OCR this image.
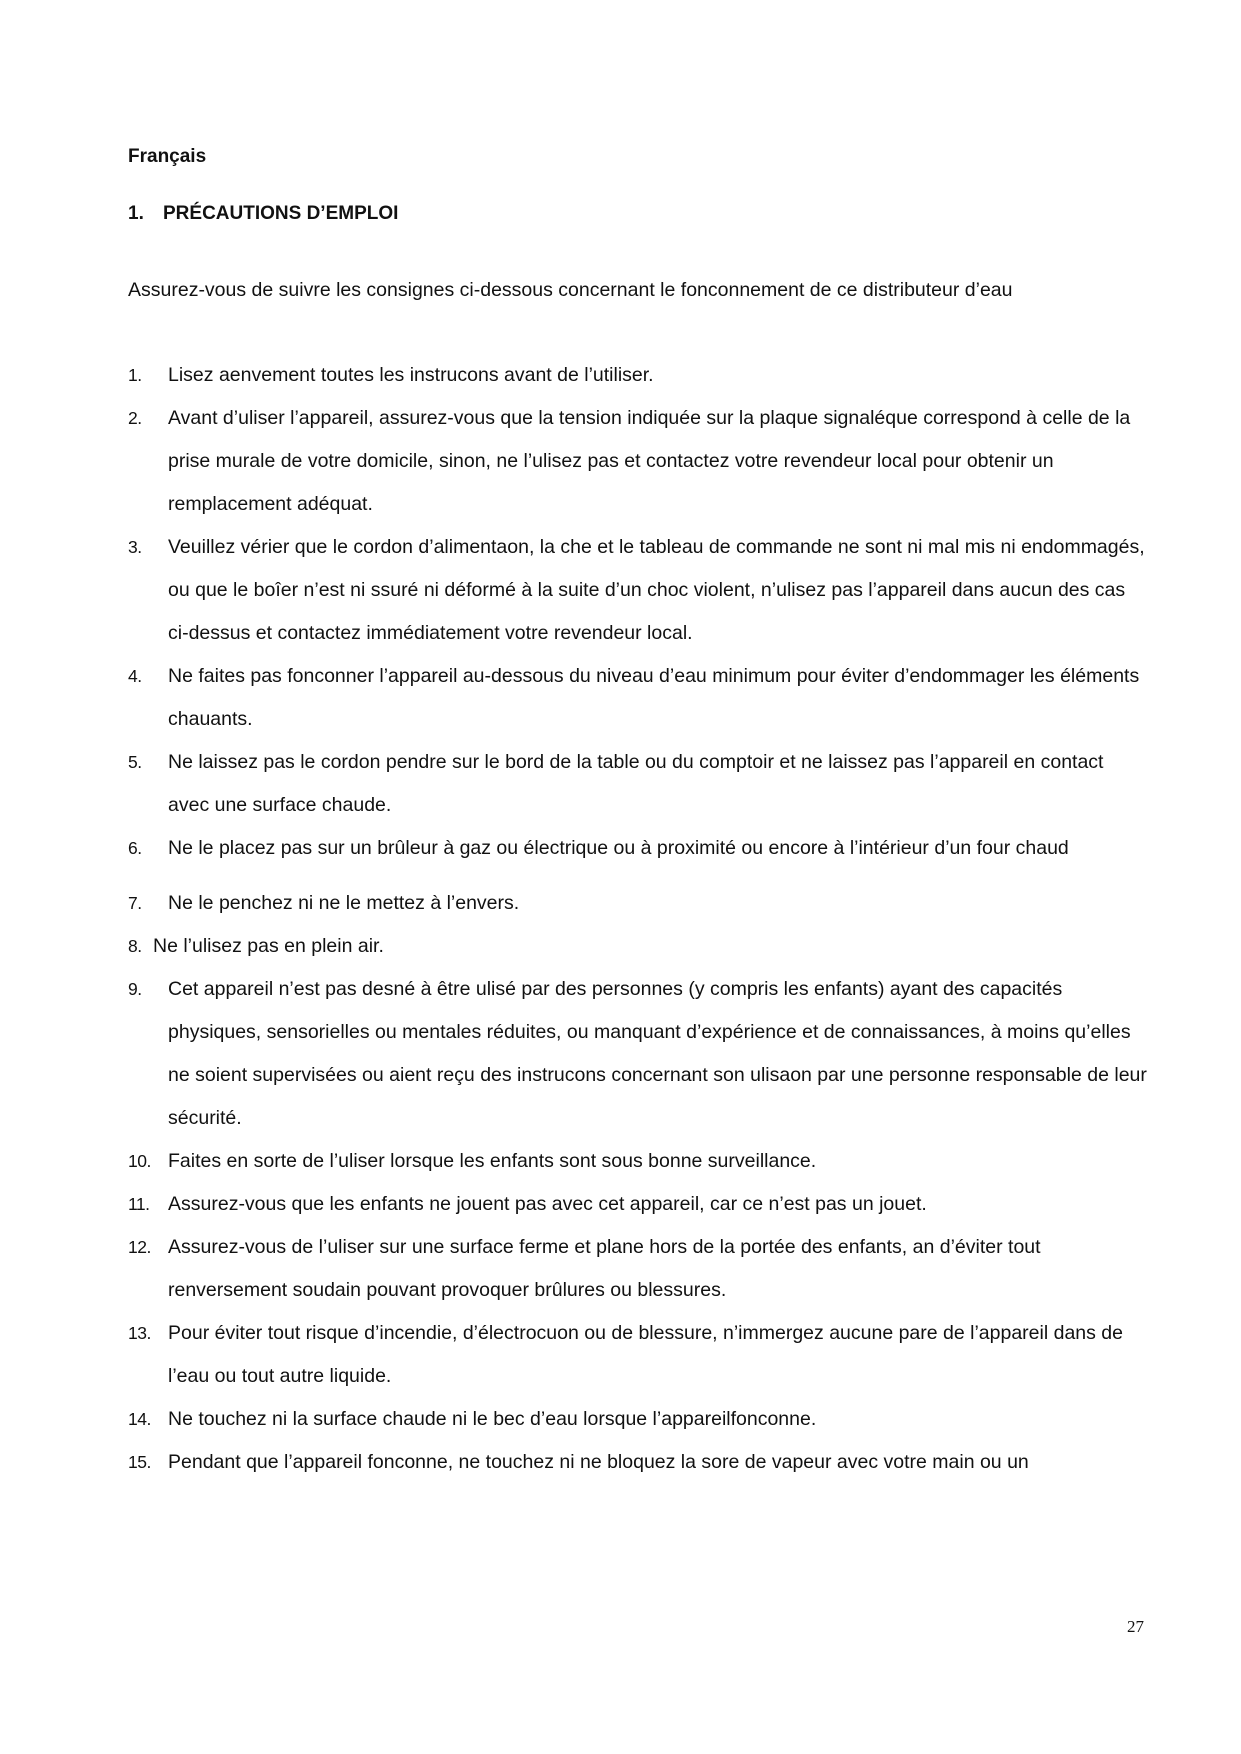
Français
1. PRÉCAUTIONS D’EMPLOI
Assurez-vous de suivre les consignes ci-dessous concernant le fonconnement de ce distributeur d’eau
1. Lisez aenvement toutes les instrucons avant de l’utiliser.
2. Avant d’uliser l’appareil, assurez-vous que la tension indiquée sur la plaque signaléque correspond à celle de la prise murale de votre domicile, sinon, ne l’ulisez pas et contactez votre revendeur local pour obtenir un remplacement adéquat.
3. Veuillez vérier que le cordon d’alimentaon, la che et le tableau de commande ne sont ni mal mis ni endommagés, ou que le boîer n’est ni ssuré ni déformé à la suite d’un choc violent, n’ulisez pas l’appareil dans aucun des cas ci-dessus et contactez immédiatement votre revendeur local.
4. Ne faites pas fonconner l’appareil au-dessous du niveau d’eau minimum pour éviter d’endommager les éléments chauants.
5. Ne laissez pas le cordon pendre sur le bord de la table ou du comptoir et ne laissez pas l’appareil en contact avec une surface chaude.
6. Ne le placez pas sur un brûleur à gaz ou électrique ou à proximité ou encore à l’intérieur d’un four chaud
7. Ne le penchez ni ne le mettez à l’envers.
8. Ne l’ulisez pas en plein air.
9. Cet appareil n’est pas desné à être ulisé par des personnes (y compris les enfants) ayant des capacités physiques, sensorielles ou mentales réduites, ou manquant d’expérience et de connaissances, à moins qu’elles ne soient supervisées ou aient reçu des instrucons concernant son ulisaon par une personne responsable de leur sécurité.
10. Faites en sorte de l’uliser lorsque les enfants sont sous bonne surveillance.
11. Assurez-vous que les enfants ne jouent pas avec cet appareil, car ce n’est pas un jouet.
12. Assurez-vous de l’uliser sur une surface ferme et plane hors de la portée des enfants, an d’éviter tout renversement soudain pouvant provoquer brûlures ou blessures.
13. Pour éviter tout risque d’incendie, d’électrocuon ou de blessure, n’immergez aucune pare de l’appareil dans de l’eau ou tout autre liquide.
14. Ne touchez ni la surface chaude ni le bec d’eau lorsque l’appareilfonconne.
15. Pendant que l’appareil fonconne, ne touchez ni ne bloquez la sore de vapeur avec votre main ou un
27
